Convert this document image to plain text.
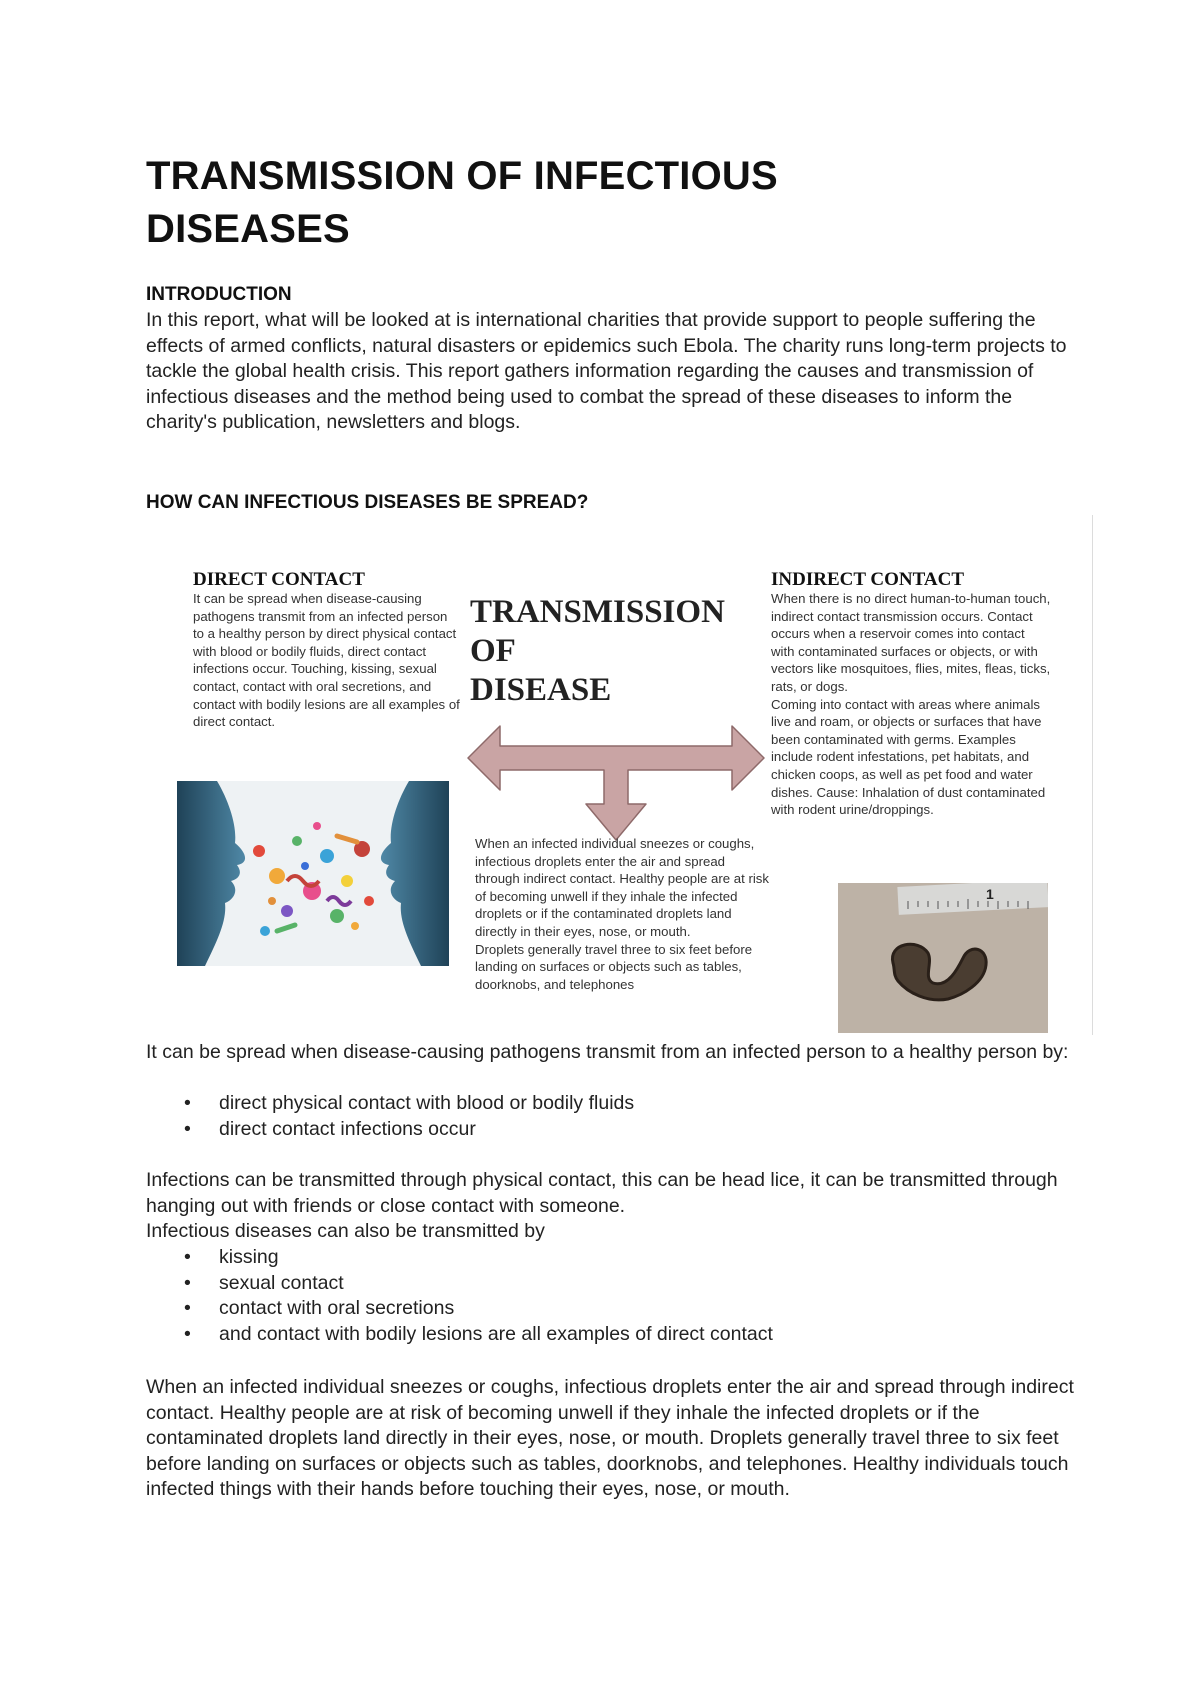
TRANSMISSION OF INFECTIOUS
DISEASES
INTRODUCTION

In this report, what will be looked at is international charities that provide support to people suffering the effects of armed conflicts, natural disasters or epidemics such Ebola. The charity runs long-term projects to tackle the global health crisis. This report gathers information regarding the causes and transmission of infectious diseases and the method being used to combat the spread of these diseases to inform the charity's publication, newsletters and blogs.

HOW CAN INFECTIOUS DISEASES BE SPREAD?
DIRECT CONTACT

It can be spread when disease-causing pathogens transmit from an infected person to a healthy person by direct physical contact with blood or bodily fluids, direct contact infections occur. Touching, kissing, sexual contact, contact with oral secretions, and contact with bodily lesions are all examples of direct contact.

TRANSMISSION
OF
DISEASE

When an infected individual sneezes or coughs, infectious droplets enter the air and spread through indirect contact. Healthy people are at risk of becoming unwell if they inhale the infected droplets or if the contaminated droplets land directly in their eyes, nose, or mouth.

Droplets generally travel three to six feet before landing on surfaces or objects such as tables, doorknobs, and telephones

INDIRECT CONTACT

When there is no direct human-to-human touch, indirect contact transmission occurs. Contact occurs when a reservoir comes into contact with contaminated surfaces or objects, or with vectors like mosquitoes, flies, mites, fleas, ticks, rats, or dogs.

Coming into contact with areas where animals live and roam, or objects or surfaces that have been contaminated with germs. Examples include rodent infestations, pet habitats, and chicken coops, as well as pet food and water dishes. Cause: Inhalation of dust contaminated with rodent urine/droppings.

1

It can be spread when disease-causing pathogens transmit from an infected person to a healthy person by:

• direct physical contact with blood or bodily fluids
• direct contact infections occur

Infections can be transmitted through physical contact, this can be head lice, it can be transmitted through hanging out with friends or close contact with someone.

Infectious diseases can also be transmitted by

• kissing
• sexual contact
• contact with oral secretions
• and contact with bodily lesions are all examples of direct contact

When an infected individual sneezes or coughs, infectious droplets enter the air and spread through indirect contact. Healthy people are at risk of becoming unwell if they inhale the infected droplets or if the contaminated droplets land directly in their eyes, nose, or mouth. Droplets generally travel three to six feet before landing on surfaces or objects such as tables, doorknobs, and telephones. Healthy individuals touch infected things with their hands before touching their eyes, nose, or mouth.
